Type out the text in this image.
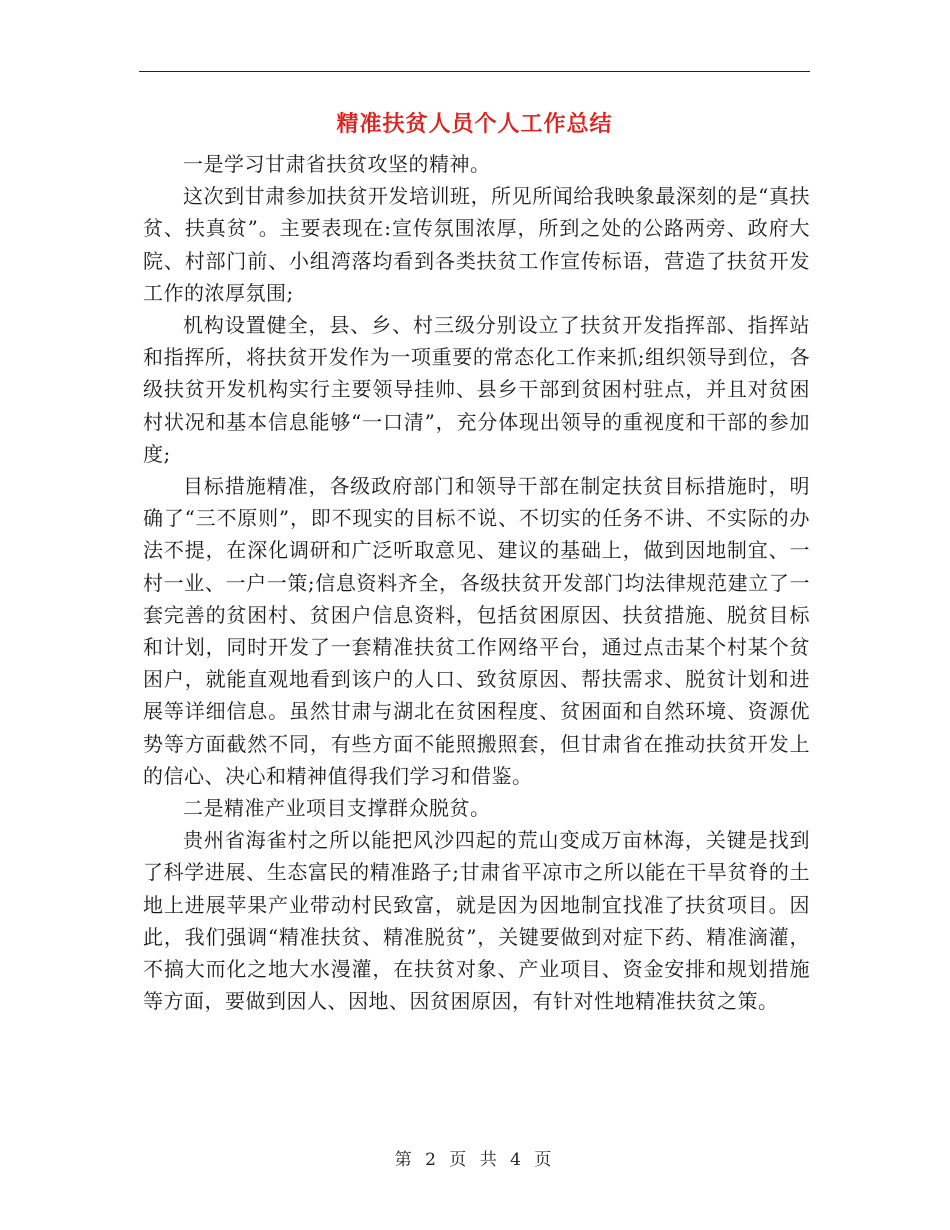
精准扶贫人员个人工作总结

一是学习甘肃省扶贫攻坚的精神。

这次到甘肃参加扶贫开发培训班，所见所闻给我映象最深刻的是“真扶贫、扶真贫”。主要表现在:宣传氛围浓厚，所到之处的公路两旁、政府大院、村部门前、小组湾落均看到各类扶贫工作宣传标语，营造了扶贫开发工作的浓厚氛围;

机构设置健全，县、乡、村三级分别设立了扶贫开发指挥部、指挥站和指挥所，将扶贫开发作为一项重要的常态化工作来抓;组织领导到位，各级扶贫开发机构实行主要领导挂帅、县乡干部到贫困村驻点，并且对贫困村状况和基本信息能够“一口清”，充分体现出领导的重视度和干部的参加度;

目标措施精准，各级政府部门和领导干部在制定扶贫目标措施时，明确了“三不原则”，即不现实的目标不说、不切实的任务不讲、不实际的办法不提，在深化调研和广泛听取意见、建议的基础上，做到因地制宜、一村一业、一户一策;信息资料齐全，各级扶贫开发部门均法律规范建立了一套完善的贫困村、贫困户信息资料，包括贫困原因、扶贫措施、脱贫目标和计划，同时开发了一套精准扶贫工作网络平台，通过点击某个村某个贫困户，就能直观地看到该户的人口、致贫原因、帮扶需求、脱贫计划和进展等详细信息。虽然甘肃与湖北在贫困程度、贫困面和自然环境、资源优势等方面截然不同，有些方面不能照搬照套，但甘肃省在推动扶贫开发上的信心、决心和精神值得我们学习和借鉴。

二是精准产业项目支撑群众脱贫。

贵州省海雀村之所以能把风沙四起的荒山变成万亩林海，关键是找到了科学进展、生态富民的精准路子;甘肃省平凉市之所以能在干旱贫脊的土地上进展苹果产业带动村民致富，就是因为因地制宜找准了扶贫项目。因此，我们强调“精准扶贫、精准脱贫”，关键要做到对症下药、精准滴灌，不搞大而化之地大水漫灌，在扶贫对象、产业项目、资金安排和规划措施等方面，要做到因人、因地、因贫困原因，有针对性地精准扶贫之策。

第 2 页 共 4 页
